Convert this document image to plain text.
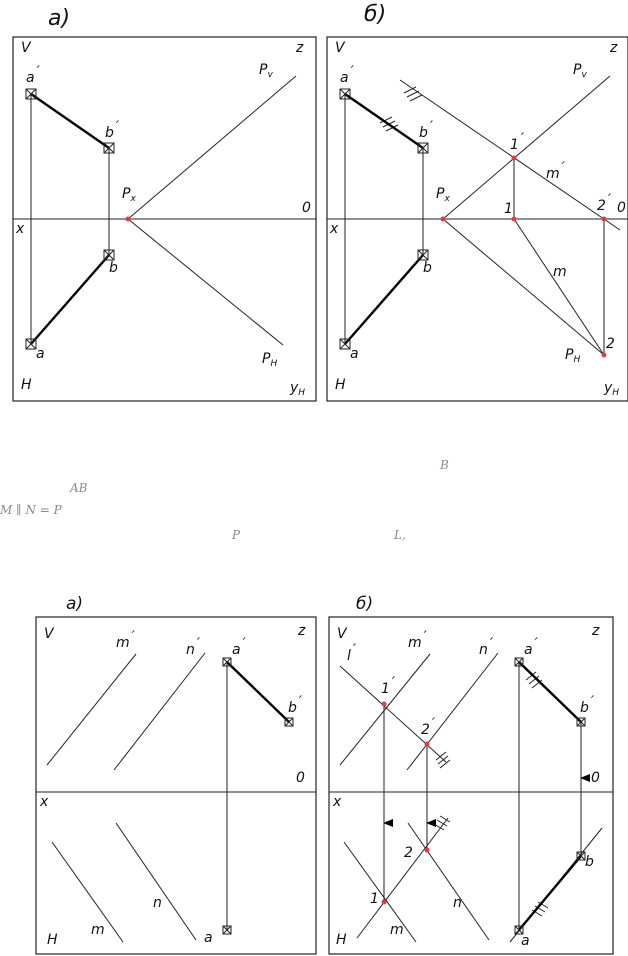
а)
V	z
x
0
H	$y_H$
a ′
b ′
b
a
$P_v$
$P_x$
$P_H$
б)
V	z
x
0
H	$y_H$
a ′
b ′
b
a
$P_v$
$P_x$
$P_H$
1 ′
1	2 ′
2
m ′
m
B
AB
M ∥ N = P
P	L,
а)
V	z
x
0
H
m ′
n ′ a ′
b ′
m
n
a
б)
V	z
x
0
H
l ′	m ′
n ′
1 ′
2 ′
a ′
b ′
2
1
m
n
b
a
